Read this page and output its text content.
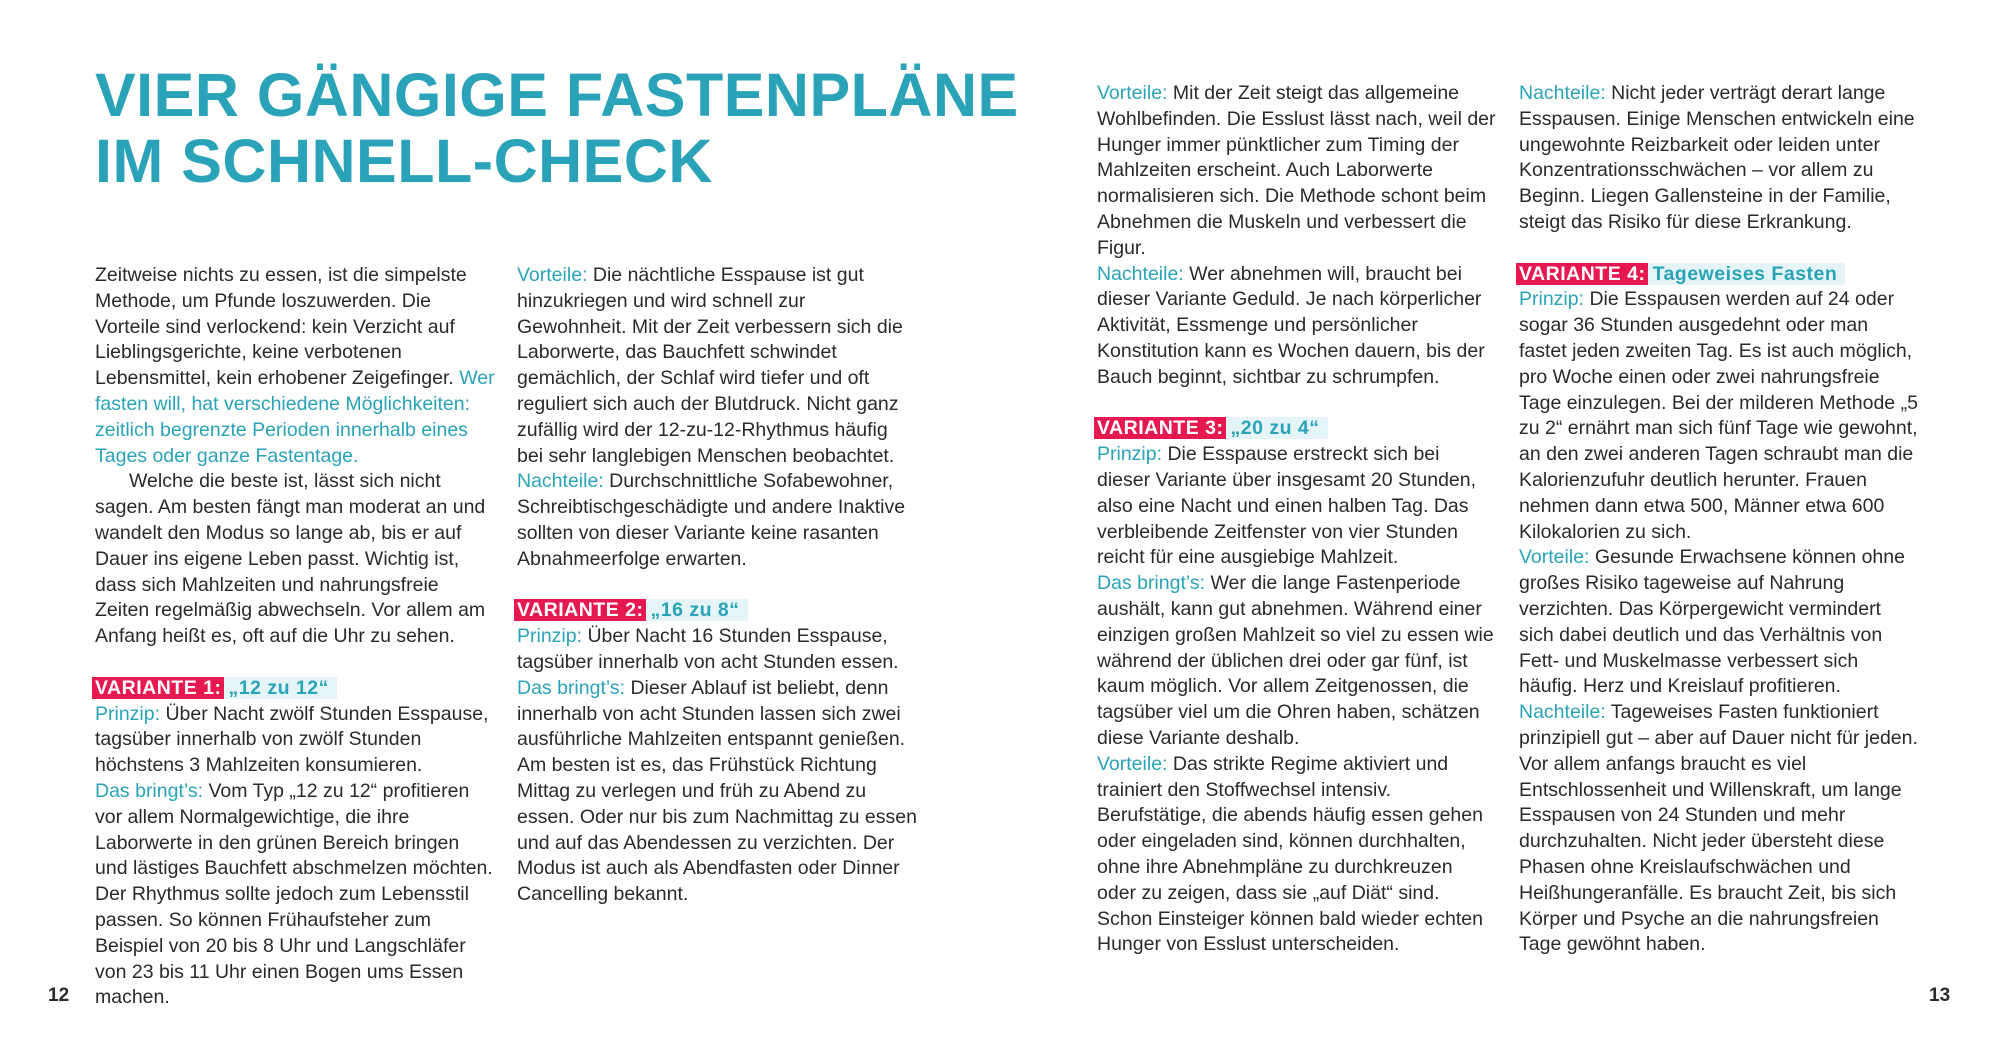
VIER GÄNGIGE FASTENPLÄNE
IM SCHNELL-CHECK

Zeitweise nichts zu essen, ist die simpelste Methode, um Pfunde loszuwerden. Die Vorteile sind verlockend: kein Verzicht auf Lieblingsgerichte, keine verbotenen Lebensmittel, kein erhobener Zeigefinger. Wer fasten will, hat verschiedene Möglichkeiten: zeitlich begrenzte Perioden innerhalb eines Tages oder ganze Fastentage.

Welche die beste ist, lässt sich nicht sagen. Am besten fängt man moderat an und wandelt den Modus so lange ab, bis er auf Dauer ins eigene Leben passt. Wichtig ist, dass sich Mahlzeiten und nahrungsfreie Zeiten regelmäßig abwechseln. Vor allem am Anfang heißt es, oft auf die Uhr zu sehen.

VARIANTE 1: „12 zu 12“

Prinzip: Über Nacht zwölf Stunden Esspause, tagsüber innerhalb von zwölf Stunden höchstens 3 Mahlzeiten konsumieren.

Das bringt’s: Vom Typ „12 zu 12“ profitieren vor allem Normalgewichtige, die ihre Laborwerte in den grünen Bereich bringen und lästiges Bauchfett abschmelzen möchten. Der Rhythmus sollte jedoch zum Lebensstil passen. So können Frühaufsteher zum Beispiel von 20 bis 8 Uhr und Langschläfer von 23 bis 11 Uhr einen Bogen ums Essen machen.

Vorteile: Die nächtliche Esspause ist gut hinzukriegen und wird schnell zur Gewohnheit. Mit der Zeit verbessern sich die Laborwerte, das Bauchfett schwindet gemächlich, der Schlaf wird tiefer und oft reguliert sich auch der Blutdruck. Nicht ganz zufällig wird der 12-zu-12-Rhythmus häufig bei sehr langlebigen Menschen beobachtet.

Nachteile: Durchschnittliche Sofabewohner, Schreibtischgeschädigte und andere Inaktive sollten von dieser Variante keine rasanten Abnahmeerfolge erwarten.

VARIANTE 2: „16 zu 8“

Prinzip: Über Nacht 16 Stunden Esspause, tagsüber innerhalb von acht Stunden essen.

Das bringt’s: Dieser Ablauf ist beliebt, denn innerhalb von acht Stunden lassen sich zwei ausführliche Mahlzeiten entspannt genießen. Am besten ist es, das Frühstück Richtung Mittag zu verlegen und früh zu Abend zu essen. Oder nur bis zum Nachmittag zu essen und auf das Abendessen zu verzichten. Der Modus ist auch als Abendfasten oder Dinner Cancelling bekannt.

Vorteile: Mit der Zeit steigt das allgemeine Wohlbefinden. Die Esslust lässt nach, weil der Hunger immer pünktlicher zum Timing der Mahlzeiten erscheint. Auch Laborwerte normalisieren sich. Die Methode schont beim Abnehmen die Muskeln und verbessert die Figur.

Nachteile: Wer abnehmen will, braucht bei dieser Variante Geduld. Je nach körperlicher Aktivität, Essmenge und persönlicher Konstitution kann es Wochen dauern, bis der Bauch beginnt, sichtbar zu schrumpfen.

VARIANTE 3: „20 zu 4“

Prinzip: Die Esspause erstreckt sich bei dieser Variante über insgesamt 20 Stunden, also eine Nacht und einen halben Tag. Das verbleibende Zeitfenster von vier Stunden reicht für eine ausgiebige Mahlzeit.

Das bringt’s: Wer die lange Fastenperiode aushält, kann gut abnehmen. Während einer einzigen großen Mahlzeit so viel zu essen wie während der üblichen drei oder gar fünf, ist kaum möglich. Vor allem Zeitgenossen, die tagsüber viel um die Ohren haben, schätzen diese Variante deshalb.

Vorteile: Das strikte Regime aktiviert und trainiert den Stoffwechsel intensiv. Berufstätige, die abends häufig essen gehen oder eingeladen sind, können durchhalten, ohne ihre Abnehmpläne zu durchkreuzen oder zu zeigen, dass sie „auf Diät“ sind. Schon Einsteiger können bald wieder echten Hunger von Esslust unterscheiden.

Nachteile: Nicht jeder verträgt derart lange Esspausen. Einige Menschen entwickeln eine ungewohnte Reizbarkeit oder leiden unter Konzentrationsschwächen – vor allem zu Beginn. Liegen Gallensteine in der Familie, steigt das Risiko für diese Erkrankung.

VARIANTE 4: Tageweises Fasten

Prinzip: Die Esspausen werden auf 24 oder sogar 36 Stunden ausgedehnt oder man fastet jeden zweiten Tag. Es ist auch möglich, pro Woche einen oder zwei nahrungsfreie Tage einzulegen. Bei der milderen Methode „5 zu 2“ ernährt man sich fünf Tage wie gewohnt, an den zwei anderen Tagen schraubt man die Kalorienzufuhr deutlich herunter. Frauen nehmen dann etwa 500, Männer etwa 600 Kilokalorien zu sich.

Vorteile: Gesunde Erwachsene können ohne großes Risiko tageweise auf Nahrung verzichten. Das Körpergewicht vermindert sich dabei deutlich und das Verhältnis von Fett- und Muskelmasse verbessert sich häufig. Herz und Kreislauf profitieren.

Nachteile: Tageweises Fasten funktioniert prinzipiell gut – aber auf Dauer nicht für jeden. Vor allem anfangs braucht es viel Entschlossenheit und Willenskraft, um lange Esspausen von 24 Stunden und mehr durchzuhalten. Nicht jeder übersteht diese Phasen ohne Kreislaufschwächen und Heißhungeranfälle. Es braucht Zeit, bis sich Körper und Psyche an die nahrungsfreien Tage gewöhnt haben.

12	13
